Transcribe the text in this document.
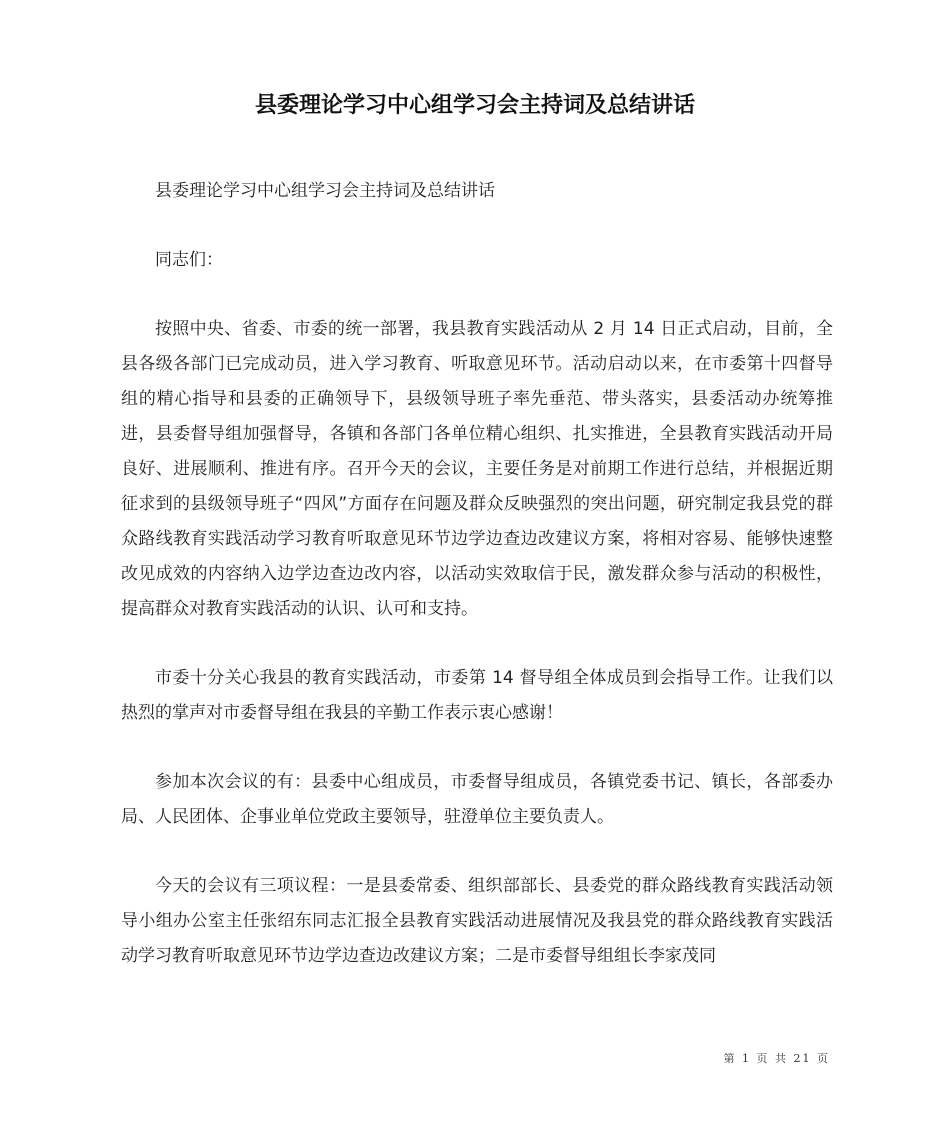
县委理论学习中心组学习会主持词及总结讲话

县委理论学习中心组学习会主持词及总结讲话

同志们：

按照中央、省委、市委的统一部署，我县教育实践活动从 2 月 14 日正式启动，目前，全县各级各部门已完成动员，进入学习教育、听取意见环节。活动启动以来，在市委第十四督导组的精心指导和县委的正确领导下，县级领导班子率先垂范、带头落实，县委活动办统筹推进，县委督导组加强督导，各镇和各部门各单位精心组织、扎实推进，全县教育实践活动开局良好、进展顺利、推进有序。召开今天的会议，主要任务是对前期工作进行总结，并根据近期征求到的县级领导班子“四风”方面存在问题及群众反映强烈的突出问题，研究制定我县党的群众路线教育实践活动学习教育听取意见环节边学边查边改建议方案，将相对容易、能够快速整改见成效的内容纳入边学边查边改内容，以活动实效取信于民，激发群众参与活动的积极性，提高群众对教育实践活动的认识、认可和支持。

市委十分关心我县的教育实践活动，市委第 14 督导组全体成员到会指导工作。让我们以热烈的掌声对市委督导组在我县的辛勤工作表示衷心感谢！

参加本次会议的有：县委中心组成员，市委督导组成员，各镇党委书记、镇长，各部委办局、人民团体、企事业单位党政主要领导，驻澄单位主要负责人。

今天的会议有三项议程：一是县委常委、组织部部长、县委党的群众路线教育实践活动领导小组办公室主任张绍东同志汇报全县教育实践活动进展情况及我县党的群众路线教育实践活动学习教育听取意见环节边学边查边改建议方案；二是市委督导组组长李家茂同

第 1 页 共 21 页
